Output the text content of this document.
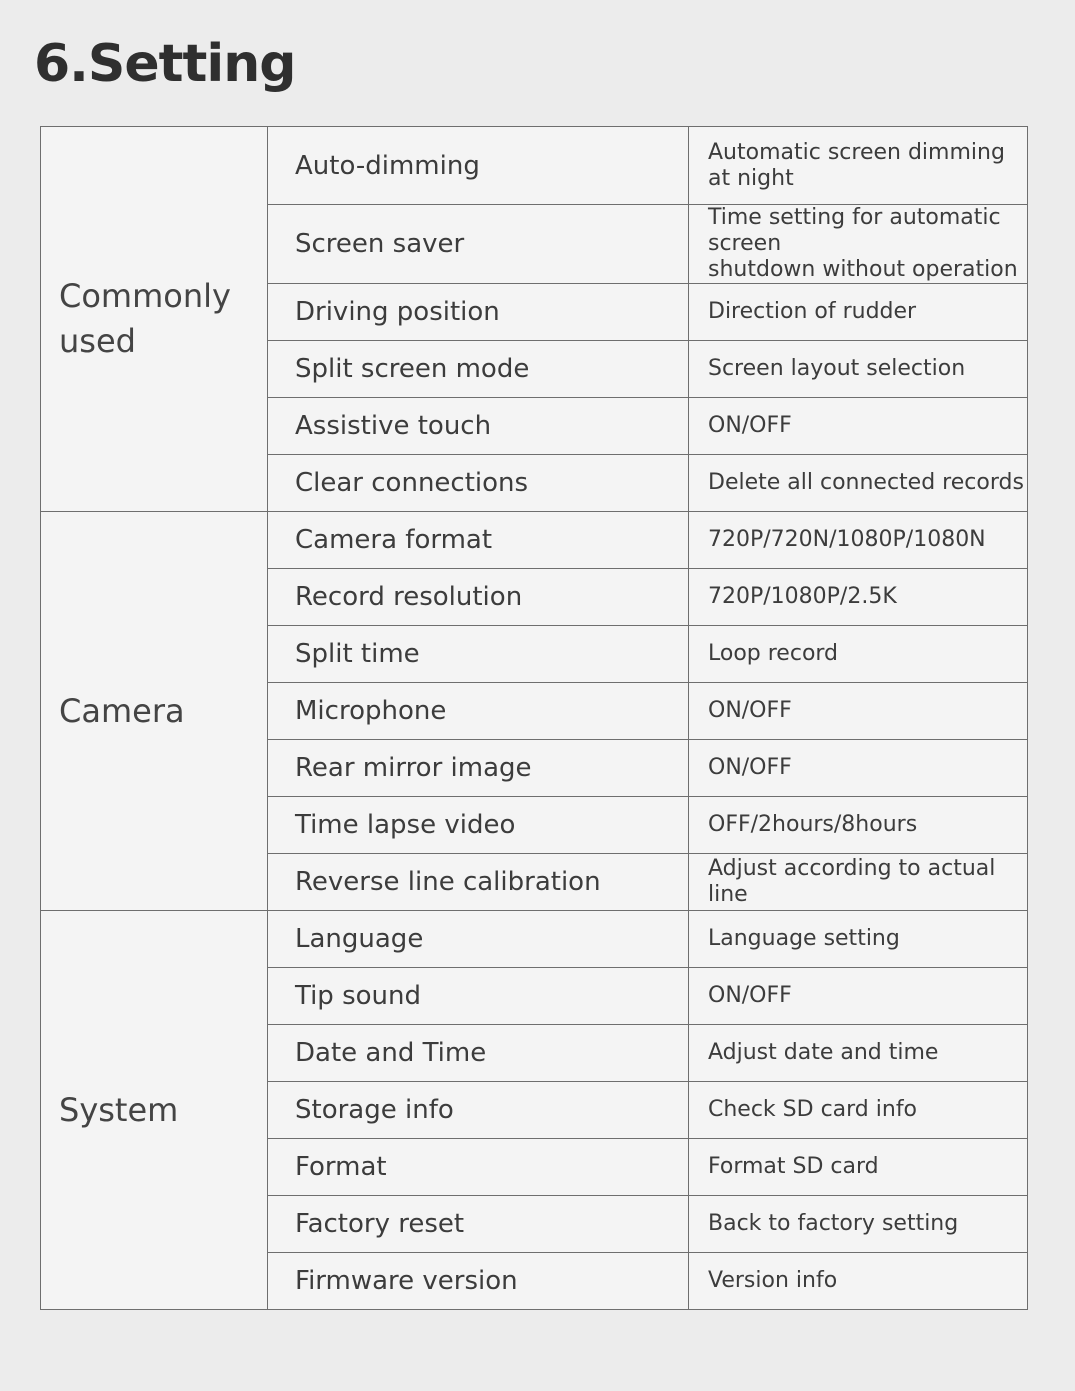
6.Setting
Commonly
used	Auto-dimming	Automatic screen dimming
at night
	Screen saver	Time setting for automatic screen
shutdown without operation
	Driving position	Direction of rudder
	Split screen mode	Screen layout selection
	Assistive touch	ON/OFF
	Clear connections	Delete all connected records
Camera	Camera format	720P/720N/1080P/1080N
	Record resolution	720P/1080P/2.5K
	Split time	Loop record
	Microphone	ON/OFF
	Rear mirror image	ON/OFF
	Time lapse video	OFF/2hours/8hours
	Reverse line calibration	Adjust according to actual line
System	Language	Language setting
	Tip sound	ON/OFF
	Date and Time	Adjust date and time
	Storage info	Check SD card info
	Format	Format SD card
	Factory reset	Back to factory setting
	Firmware version	Version info
